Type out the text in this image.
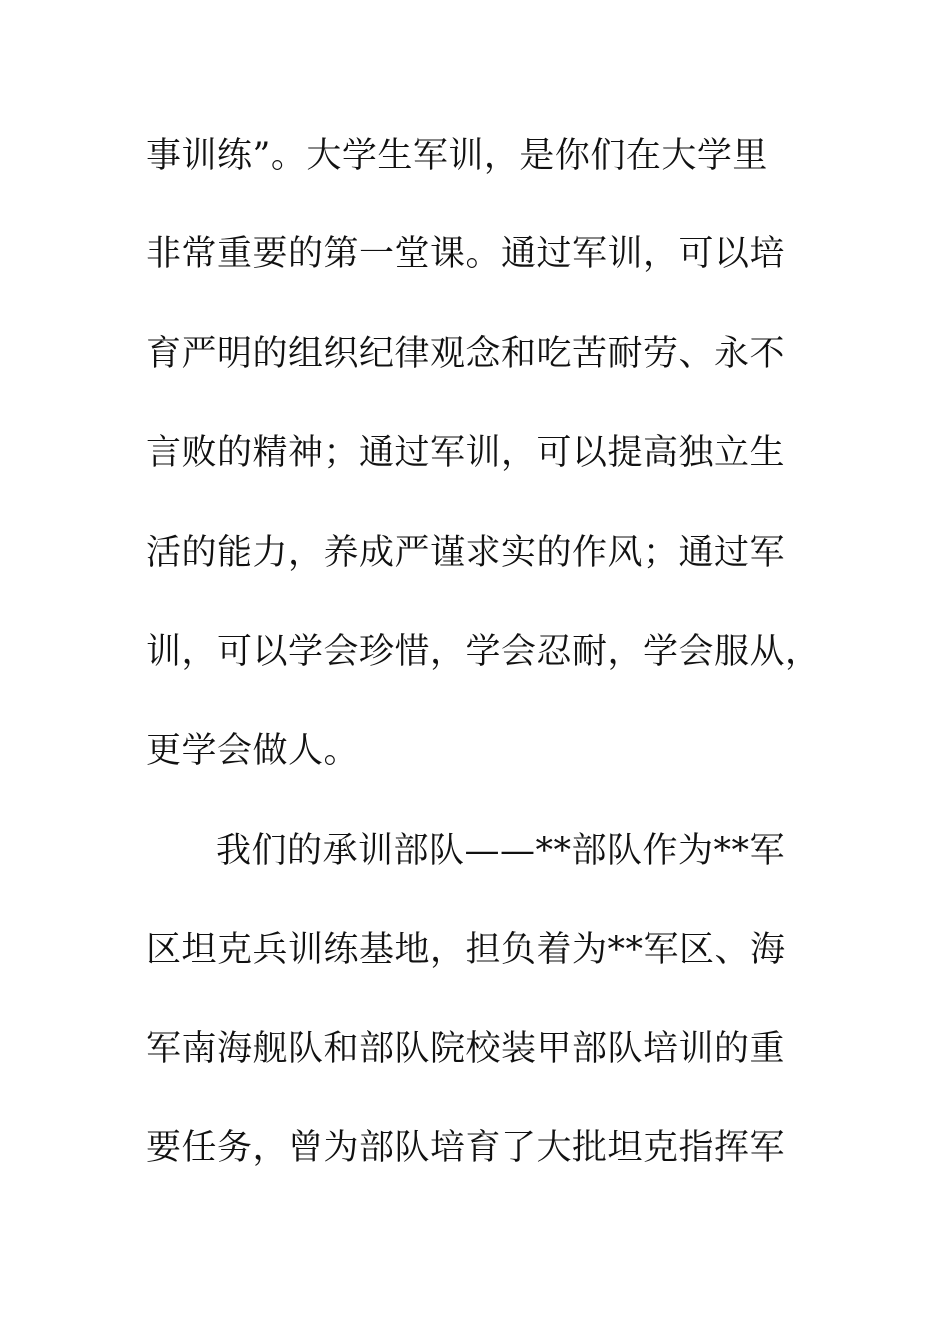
事训练”。大学生军训，是你们在大学里
非常重要的第一堂课。通过军训，可以培
育严明的组织纪律观念和吃苦耐劳、永不
言败的精神；通过军训，可以提高独立生
活的能力，养成严谨求实的作风；通过军
训，可以学会珍惜，学会忍耐，学会服从，
更学会做人。
我们的承训部队——**部队作为**军
区坦克兵训练基地，担负着为**军区、海
军南海舰队和部队院校装甲部队培训的重
要任务，曾为部队培育了大批坦克指挥军
